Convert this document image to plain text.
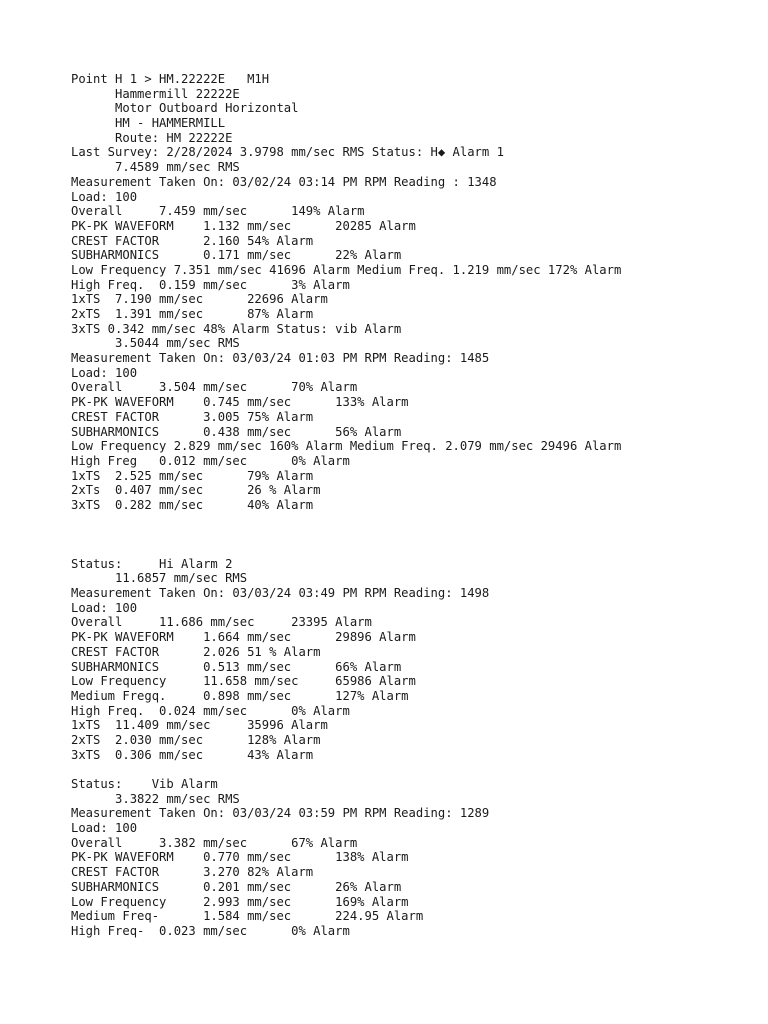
Point H 1 > HM.22222E   M1H
Hammermill 22222E
Motor Outboard Horizontal
HM - HAMMERMILL
Route: HM 22222E
Last Survey: 2/28/2024 3.9798 mm/sec RMS Status: H◆ Alarm 1
7.4589 mm/sec RMS
Measurement Taken On: 03/02/24 03:14 PM RPM Reading : 1348
Load: 100
Overall     7.459 mm/sec      149% Alarm
PK-PK WAVEFORM    1.132 mm/sec      20285 Alarm
CREST FACTOR      2.160 54% Alarm
SUBHARMONICS      0.171 mm/sec      22% Alarm
Low Frequency 7.351 mm/sec 41696 Alarm Medium Freq. 1.219 mm/sec 172% Alarm
High Freq.  0.159 mm/sec      3% Alarm
1xTS  7.190 mm/sec      22696 Alarm
2xTS  1.391 mm/sec      87% Alarm
3xTS 0.342 mm/sec 48% Alarm Status: vib Alarm
3.5044 mm/sec RMS
Measurement Taken On: 03/03/24 01:03 PM RPM Reading: 1485
Load: 100
Overall     3.504 mm/sec      70% Alarm
PK-PK WAVEFORM    0.745 mm/sec      133% Alarm
CREST FACTOR      3.005 75% Alarm
SUBHARMONICS      0.438 mm/sec      56% Alarm
Low Frequency 2.829 mm/sec 160% Alarm Medium Freq. 2.079 mm/sec 29496 Alarm
High Freg   0.012 mm/sec      0% Alarm
1xTS  2.525 mm/sec      79% Alarm
2xTs  0.407 mm/sec      26 % Alarm
3xTS  0.282 mm/sec      40% Alarm
Status:     Hi Alarm 2
11.6857 mm/sec RMS
Measurement Taken On: 03/03/24 03:49 PM RPM Reading: 1498
Load: 100
Overall     11.686 mm/sec     23395 Alarm
PK-PK WAVEFORM    1.664 mm/sec      29896 Alarm
CREST FACTOR      2.026 51 % Alarm
SUBHARMONICS      0.513 mm/sec      66% Alarm
Low Frequency     11.658 mm/sec     65986 Alarm
Medium Fregq.     0.898 mm/sec      127% Alarm
High Freq.  0.024 mm/sec      0% Alarm
1xTS  11.409 mm/sec     35996 Alarm
2xTS  2.030 mm/sec      128% Alarm
3xTS  0.306 mm/sec      43% Alarm
Status:    Vib Alarm
3.3822 mm/sec RMS
Measurement Taken On: 03/03/24 03:59 PM RPM Reading: 1289
Load: 100
Overall     3.382 mm/sec      67% Alarm
PK-PK WAVEFORM    0.770 mm/sec      138% Alarm
CREST FACTOR      3.270 82% Alarm
SUBHARMONICS      0.201 mm/sec      26% Alarm
Low Frequency     2.993 mm/sec      169% Alarm
Medium Freq-      1.584 mm/sec      224.95 Alarm
High Freq-  0.023 mm/sec      0% Alarm
